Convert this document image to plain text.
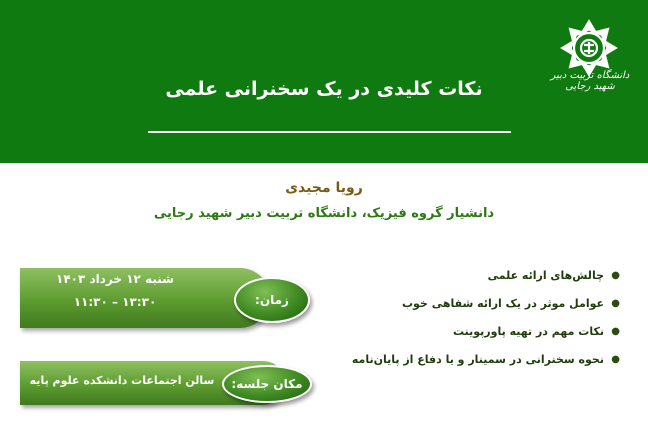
دانشگاه تربیت دبیر شهید رجایی
نکات کلیدی در یک سخنرانی علمی
رویا مجیدی
دانشیار گروه فیزیک، دانشگاه تربیت دبیر شهید رجایی
شنبه ۱۲ خرداد ۱۴۰۳
۱۱:۳۰ – ۱۳:۳۰	زمان:
سالن اجتماعات دانشکده علوم پایه	مکان جلسه:
●
چالش‌های ارائه علمی
●
عوامل موثر در یک ارائه شفاهی خوب
●
نکات مهم در تهیه پاورپوینت
●
نحوه سخنرانی در سمینار و یا دفاع از پایان‌نامه
